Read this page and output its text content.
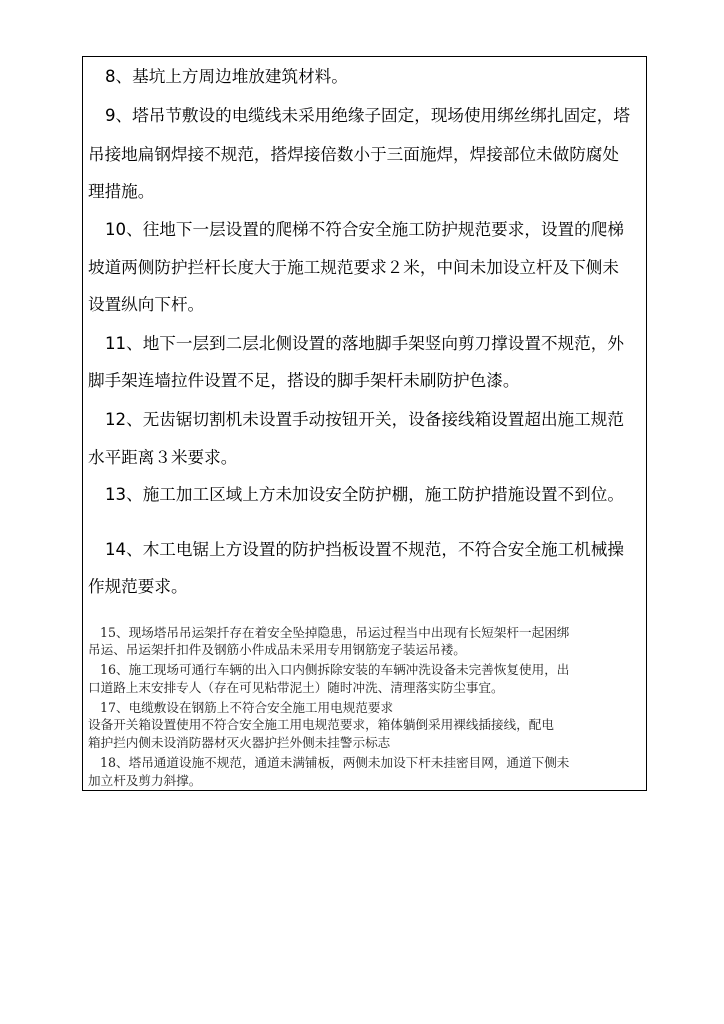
8、基坑上方周边堆放建筑材料。
9、塔吊节敷设的电缆线未采用绝缘子固定，现场使用绑丝绑扎固定，塔
吊接地扁钢焊接不规范，搭焊接倍数小于三面施焊，焊接部位未做防腐处
理措施。
10、往地下一层设置的爬梯不符合安全施工防护规范要求，设置的爬梯
坡道两侧防护拦杆长度大于施工规范要求２米，中间未加设立杆及下侧未
设置纵向下杆。
11、地下一层到二层北侧设置的落地脚手架竖向剪刀撑设置不规范，外
脚手架连墙拉件设置不足，搭设的脚手架杆未刷防护色漆。
12、无齿锯切割机未设置手动按钮开关，设备接线箱设置超出施工规范
水平距离３米要求。
13、施工加工区域上方未加设安全防护棚，施工防护措施设置不到位。
14、木工电锯上方设置的防护挡板设置不规范，不符合安全施工机械操
作规范要求。
15、现场塔吊吊运架扦存在着安全坠掉隐患，吊运过程当中出现有长短架杆一起困绑
吊运、吊运架扦扣件及钢筋小件成品未采用专用钢筋宠子装运吊褛。
16、施工现场可通行车辆的出入口内侧拆除安装的车辆冲洗设备未完善恢复使用，出
口道路上末安排专人（存在可见粘带泥土）随时冲洗、清理落实防尘事宜。
17、电缆敷设在钢筋上不符合安全施工用电规范要求
设备开关箱设置使用不符合安全施工用电规范要求，箱体躺倒采用裸线插接线，配电
箱护拦内侧未设消防器材灭火器护拦外侧未挂警示标志
18、塔吊通道设施不规范，通道未满铺板，两侧未加设下杆未挂密目网，通道下侧未
加立杆及剪力斜撑。
